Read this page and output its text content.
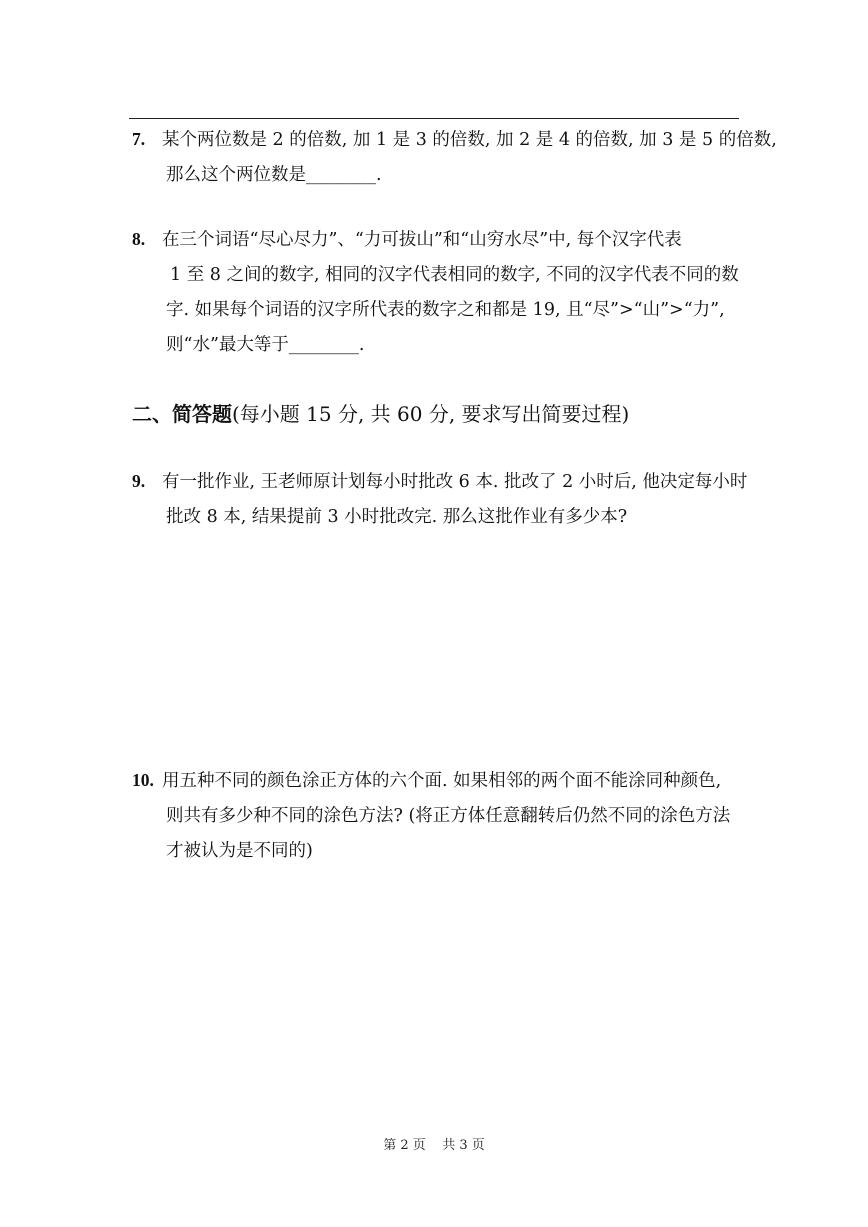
7. 某个两位数是 2 的倍数, 加 1 是 3 的倍数, 加 2 是 4 的倍数, 加 3 是 5 的倍数,
那么这个两位数是________.
8. 在三个词语“尽心尽力”、“力可拔山”和“山穷水尽”中, 每个汉字代表
1 至 8 之间的数字, 相同的汉字代表相同的数字, 不同的汉字代表不同的数
字. 如果每个词语的汉字所代表的数字之和都是 19, 且“尽”>“山”>“力”,
则“水”最大等于________.
二、简答题(每小题 15 分, 共 60 分, 要求写出简要过程)
9. 有一批作业, 王老师原计划每小时批改 6 本. 批改了 2 小时后, 他决定每小时
批改 8 本, 结果提前 3 小时批改完. 那么这批作业有多少本?
10. 用五种不同的颜色涂正方体的六个面. 如果相邻的两个面不能涂同种颜色,
则共有多少种不同的涂色方法? (将正方体任意翻转后仍然不同的涂色方法
才被认为是不同的)
第 2 页 共 3 页
